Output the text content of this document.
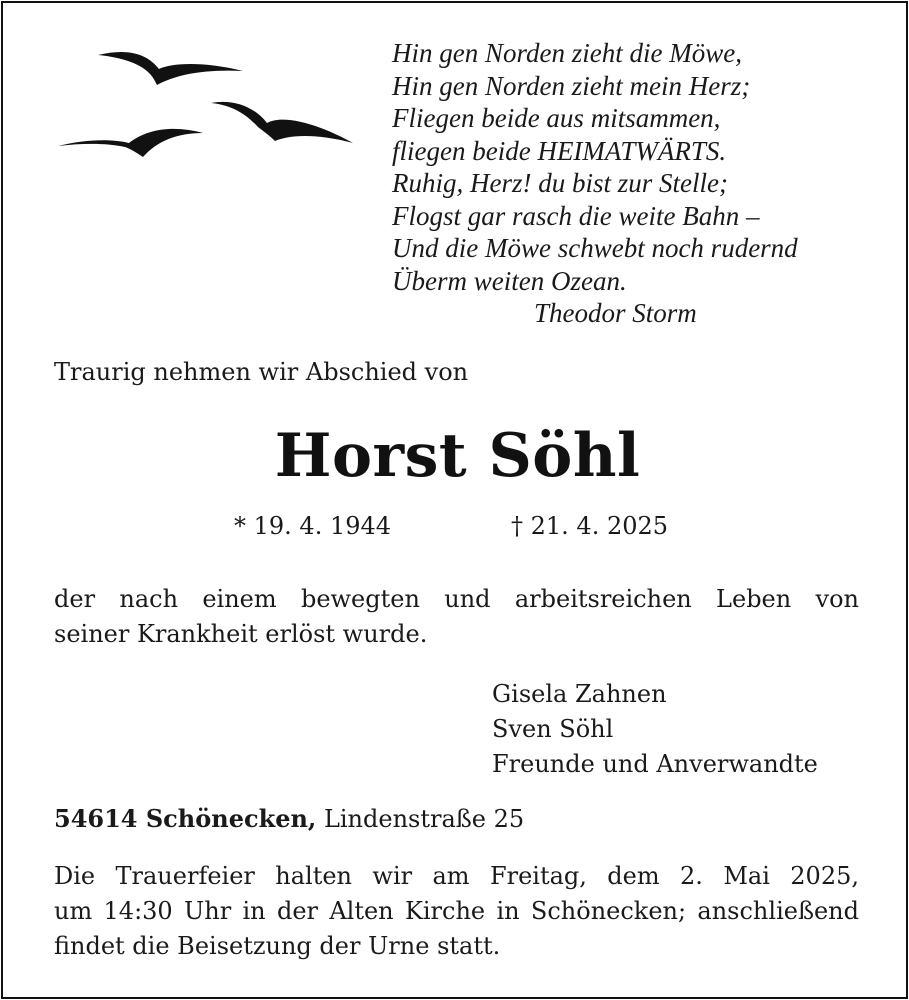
Hin gen Norden zieht die Möwe,
Hin gen Norden zieht mein Herz;
Fliegen beide aus mitsammen,
fliegen beide HEIMATWÄRTS.
Ruhig, Herz! du bist zur Stelle;
Flogst gar rasch die weite Bahn –
Und die Möwe schwebt noch rudernd
Überm weiten Ozean.
Theodor Storm
Traurig nehmen wir Abschied von
Horst Söhl
* 19. 4. 1944	† 21. 4. 2025
der nach einem bewegten und arbeitsreichen Leben von
seiner Krankheit erlöst wurde.
Gisela Zahnen
Sven Söhl
Freunde und Anverwandte
54614 Schönecken, Lindenstraße 25
Die Trauerfeier halten wir am Freitag, dem 2. Mai 2025,
um 14:30 Uhr in der Alten Kirche in Schönecken; anschließend
findet die Beisetzung der Urne statt.
